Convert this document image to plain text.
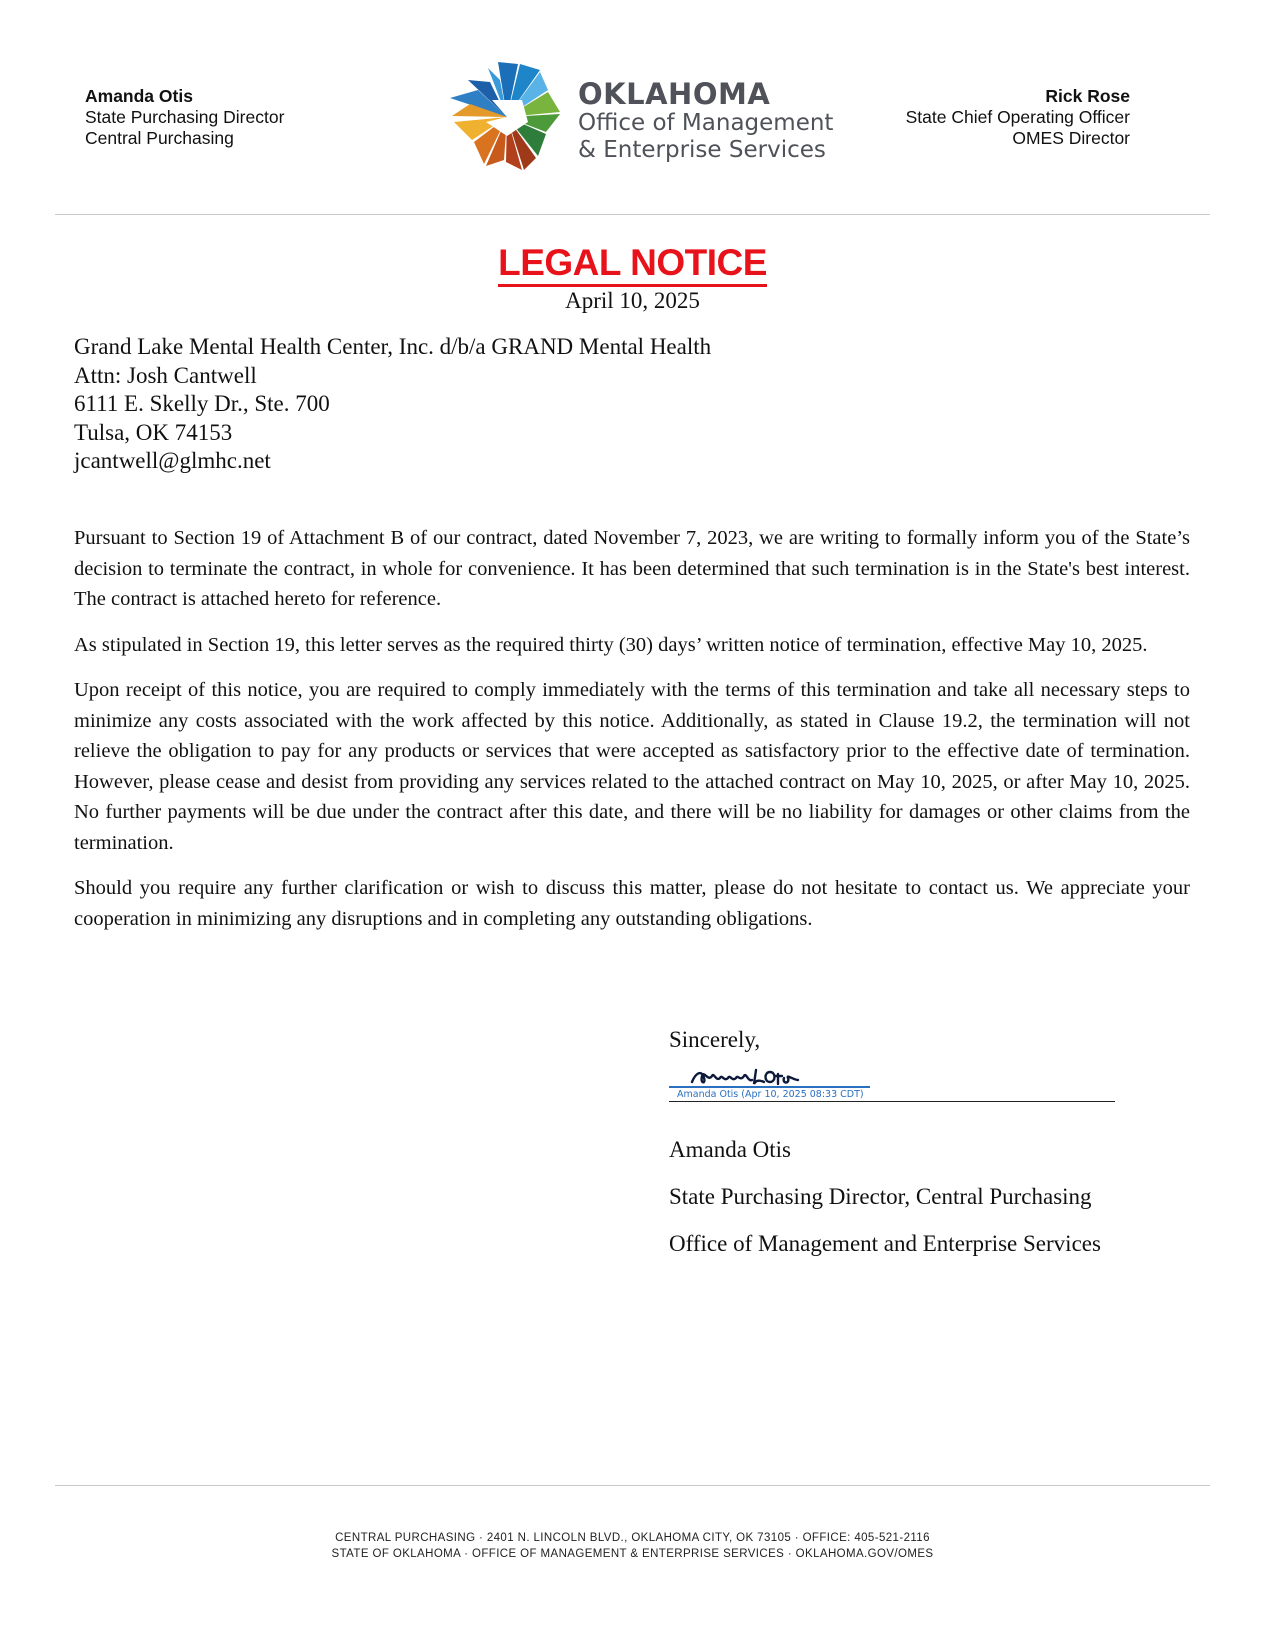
Amanda Otis
State Purchasing Director
Central Purchasing
OKLAHOMA
Office of Management
& Enterprise Services
Rick Rose
State Chief Operating Officer
OMES Director
LEGAL NOTICE
April 10, 2025
Grand Lake Mental Health Center, Inc. d/b/a GRAND Mental Health
Attn: Josh Cantwell
6111 E. Skelly Dr., Ste. 700
Tulsa, OK 74153
jcantwell@glmhc.net

Pursuant to Section 19 of Attachment B of our contract, dated November 7, 2023, we are writing to formally inform you of the State’s decision to terminate the contract, in whole for convenience. It has been determined that such termination is in the State's best interest. The contract is attached hereto for reference.

As stipulated in Section 19, this letter serves as the required thirty (30) days’ written notice of termination, effective May 10, 2025.

Upon receipt of this notice, you are required to comply immediately with the terms of this termination and take all necessary steps to minimize any costs associated with the work affected by this notice. Additionally, as stated in Clause 19.2, the termination will not relieve the obligation to pay for any products or services that were accepted as satisfactory prior to the effective date of termination. However, please cease and desist from providing any services related to the attached contract on May 10, 2025, or after May 10, 2025. No further payments will be due under the contract after this date, and there will be no liability for damages or other claims from the termination.

Should you require any further clarification or wish to discuss this matter, please do not hesitate to contact us. We appreciate your cooperation in minimizing any disruptions and in completing any outstanding obligations.

Sincerely,
Amanda Otis (Apr 10, 2025 08:33 CDT)
Amanda Otis
State Purchasing Director, Central Purchasing
Office of Management and Enterprise Services
CENTRAL PURCHASING · 2401 N. LINCOLN BLVD., OKLAHOMA CITY, OK 73105 · OFFICE: 405-521-2116
STATE OF OKLAHOMA · OFFICE OF MANAGEMENT & ENTERPRISE SERVICES · OKLAHOMA.GOV/OMES
